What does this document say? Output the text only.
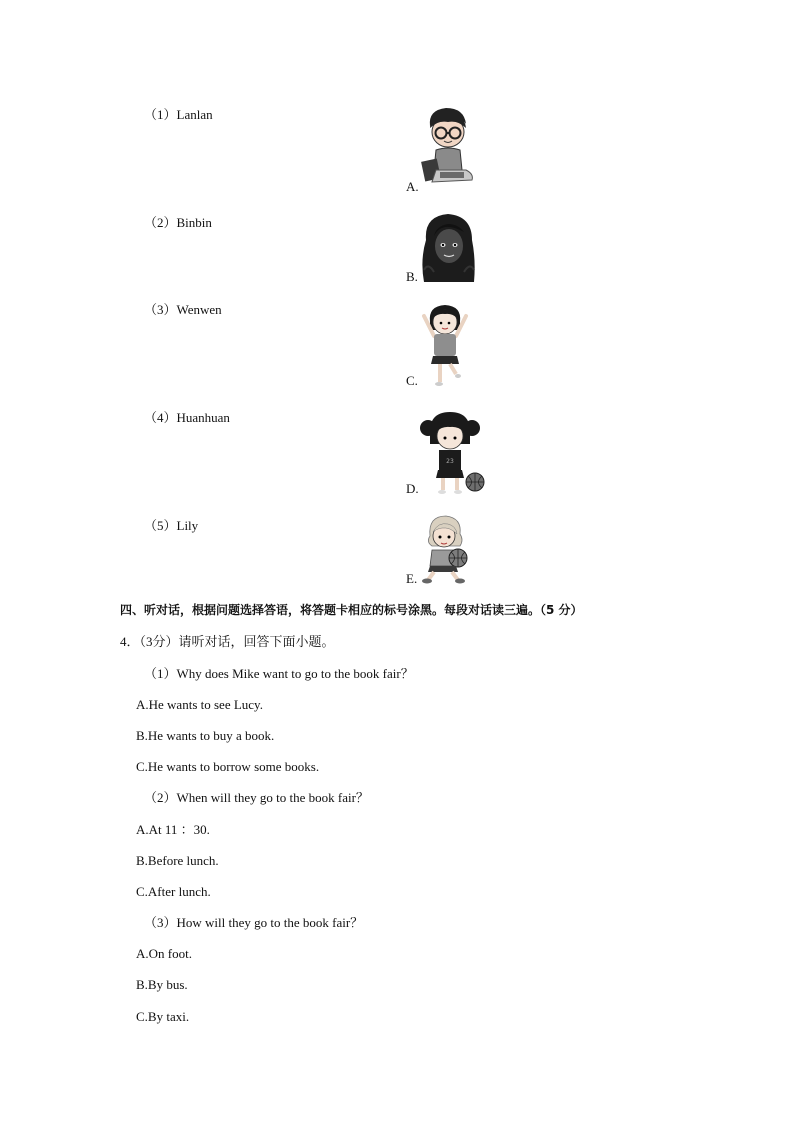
（1）Lanlan
（2）Binbin
（3）Wenwen
（4）Huanhuan
（5）Lily
A.
B.
C.
D.
E.
23
四、听对话，根据问题选择答语，将答题卡相应的标号涂黑。每段对话读三遍。（5 分）
4．（3分）请听对话，回答下面小题。
（1）Why does Mike want to go to the book fair？
A.He wants to see Lucy.
B.He wants to buy a book.
C.He wants to borrow some books.
（2）When will they go to the book fair？
A.At 11 ：30.
B.Before lunch.
C.After lunch.
（3）How will they go to the book fair？
A.On foot.
B.By bus.
C.By taxi.
